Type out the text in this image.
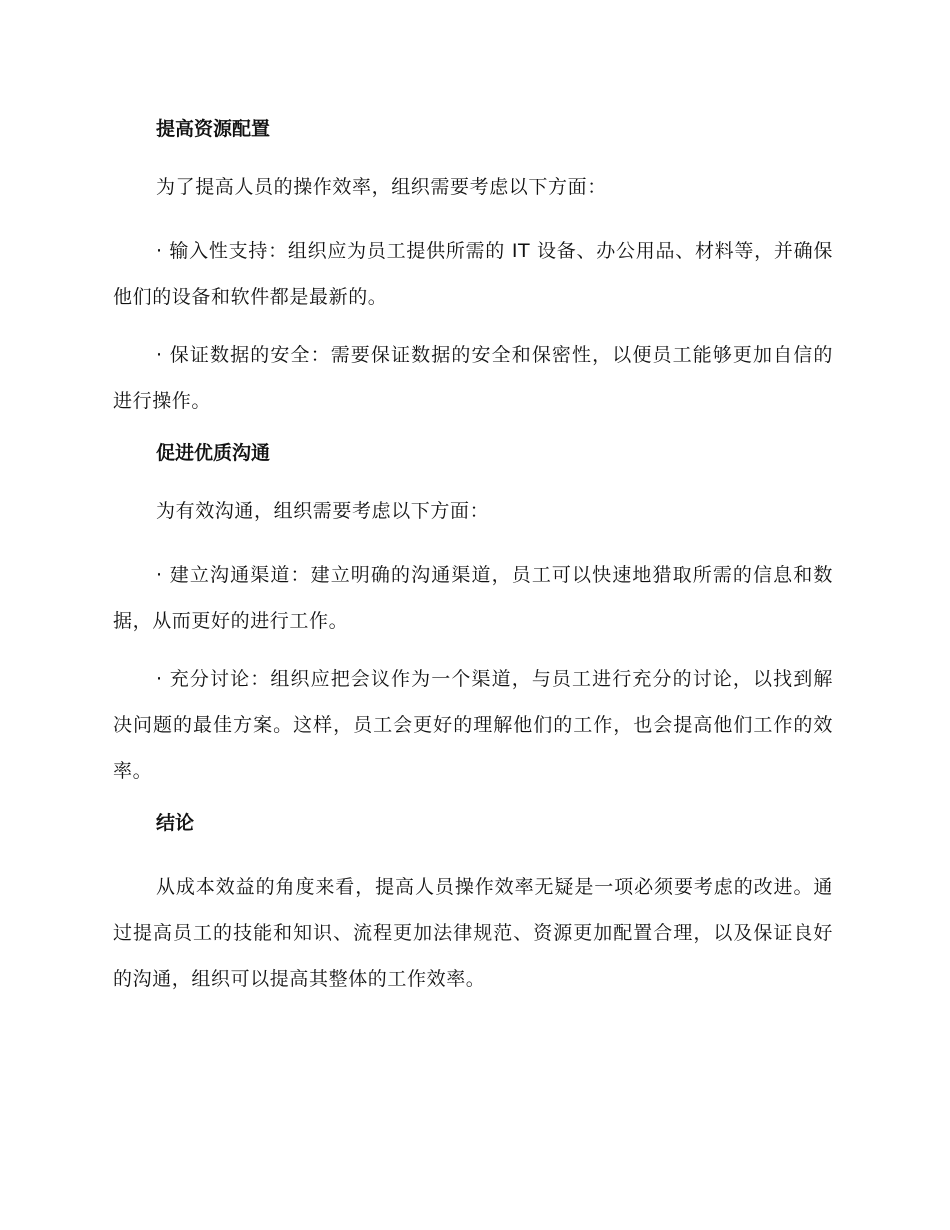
提高资源配置
为了提高人员的操作效率，组织需要考虑以下方面：
· 输入性支持：组织应为员工提供所需的 IT 设备、办公用品、材料等，并确保他们的设备和软件都是最新的。
· 保证数据的安全：需要保证数据的安全和保密性，以便员工能够更加自信的进行操作。
促进优质沟通
为有效沟通，组织需要考虑以下方面：
· 建立沟通渠道：建立明确的沟通渠道，员工可以快速地猎取所需的信息和数据，从而更好的进行工作。
· 充分讨论：组织应把会议作为一个渠道，与员工进行充分的讨论，以找到解决问题的最佳方案。这样，员工会更好的理解他们的工作，也会提高他们工作的效率。
结论
从成本效益的角度来看，提高人员操作效率无疑是一项必须要考虑的改进。通过提高员工的技能和知识、流程更加法律规范、资源更加配置合理，以及保证良好的沟通，组织可以提高其整体的工作效率。
